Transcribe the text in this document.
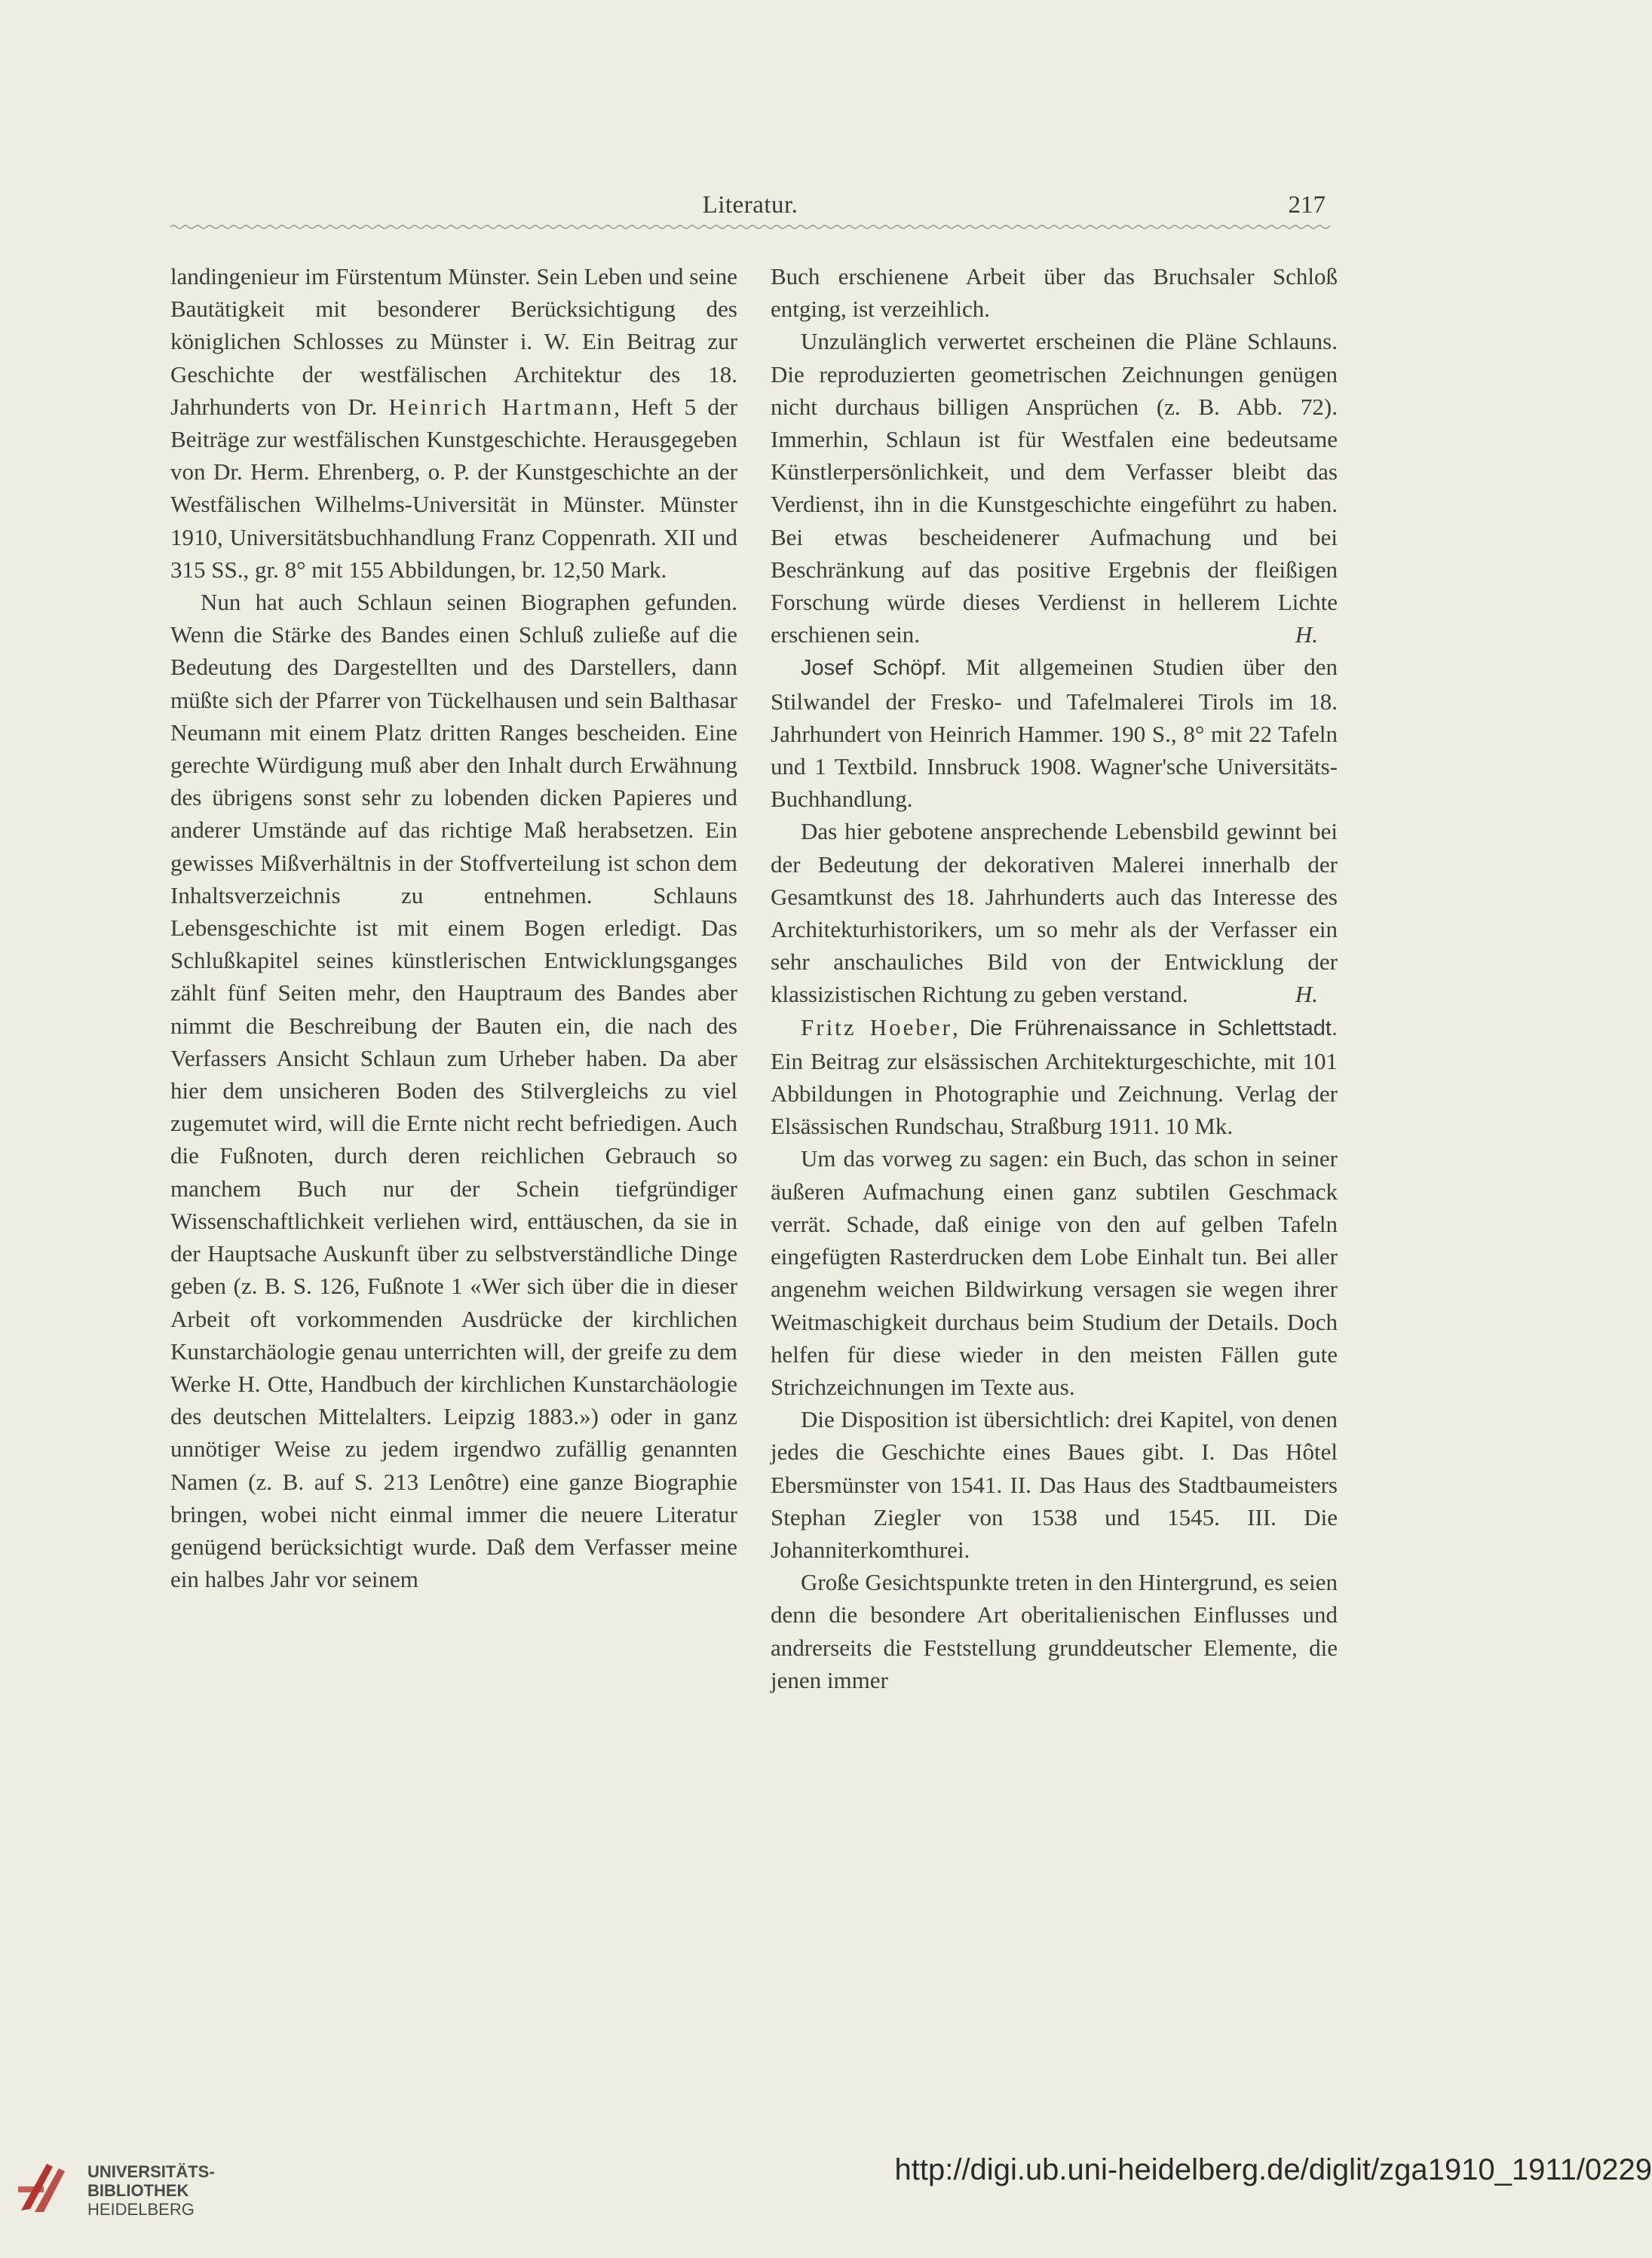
Literatur.	217

landingenieur im Fürstentum Münster. Sein Leben und seine Bautätigkeit mit besonderer Berücksichtigung des königlichen Schlosses zu Münster i. W. Ein Beitrag zur Geschichte der westfälischen Architektur des 18. Jahrhunderts von Dr. Heinrich Hartmann, Heft 5 der Beiträge zur westfälischen Kunstgeschichte. Herausgegeben von Dr. Herm. Ehrenberg, o. P. der Kunstgeschichte an der Westfälischen Wilhelms-Universität in Münster. Münster 1910, Universitätsbuchhandlung Franz Coppenrath. XII und 315 SS., gr. 8° mit 155 Abbildungen, br. 12,50 Mark.

Nun hat auch Schlaun seinen Biographen gefunden. Wenn die Stärke des Bandes einen Schluß zuließe auf die Bedeutung des Dargestellten und des Darstellers, dann müßte sich der Pfarrer von Tückelhausen und sein Balthasar Neumann mit einem Platz dritten Ranges bescheiden. Eine gerechte Würdigung muß aber den Inhalt durch Erwähnung des übrigens sonst sehr zu lobenden dicken Papieres und anderer Umstände auf das richtige Maß herabsetzen. Ein gewisses Mißverhältnis in der Stoffverteilung ist schon dem Inhaltsverzeichnis zu entnehmen. Schlauns Lebensgeschichte ist mit einem Bogen erledigt. Das Schlußkapitel seines künstlerischen Entwicklungsganges zählt fünf Seiten mehr, den Hauptraum des Bandes aber nimmt die Beschreibung der Bauten ein, die nach des Verfassers Ansicht Schlaun zum Urheber haben. Da aber hier dem unsicheren Boden des Stilvergleichs zu viel zugemutet wird, will die Ernte nicht recht befriedigen. Auch die Fußnoten, durch deren reichlichen Gebrauch so manchem Buch nur der Schein tiefgründiger Wissenschaftlichkeit verliehen wird, enttäuschen, da sie in der Hauptsache Auskunft über zu selbstverständliche Dinge geben (z. B. S. 126, Fußnote 1 «Wer sich über die in dieser Arbeit oft vorkommenden Ausdrücke der kirchlichen Kunstarchäologie genau unterrichten will, der greife zu dem Werke H. Otte, Handbuch der kirchlichen Kunstarchäologie des deutschen Mittelalters. Leipzig 1883.») oder in ganz unnötiger Weise zu jedem irgendwo zufällig genannten Namen (z. B. auf S. 213 Lenôtre) eine ganze Biographie bringen, wobei nicht einmal immer die neuere Literatur genügend berücksichtigt wurde. Daß dem Verfasser meine ein halbes Jahr vor seinem

Buch erschienene Arbeit über das Bruchsaler Schloß entging, ist verzeihlich.

Unzulänglich verwertet erscheinen die Pläne Schlauns. Die reproduzierten geometrischen Zeichnungen genügen nicht durchaus billigen Ansprüchen (z. B. Abb. 72). Immerhin, Schlaun ist für Westfalen eine bedeutsame Künstlerpersönlichkeit, und dem Verfasser bleibt das Verdienst, ihn in die Kunstgeschichte eingeführt zu haben. Bei etwas bescheidenerer Aufmachung und bei Beschränkung auf das positive Ergebnis der fleißigen Forschung würde dieses Verdienst in hellerem Lichte erschienen sein.	H.

Josef Schöpf. Mit allgemeinen Studien über den Stilwandel der Fresko- und Tafelmalerei Tirols im 18. Jahrhundert von Heinrich Hammer. 190 S., 8° mit 22 Tafeln und 1 Textbild. Innsbruck 1908. Wagner'sche Universitäts-Buchhandlung.

Das hier gebotene ansprechende Lebensbild gewinnt bei der Bedeutung der dekorativen Malerei innerhalb der Gesamtkunst des 18. Jahrhunderts auch das Interesse des Architekturhistorikers, um so mehr als der Verfasser ein sehr anschauliches Bild von der Entwicklung der klassizistischen Richtung zu geben verstand.	H.

Fritz Hoeber, Die Frührenaissance in Schlettstadt. Ein Beitrag zur elsässischen Architekturgeschichte, mit 101 Abbildungen in Photographie und Zeichnung. Verlag der Elsässischen Rundschau, Straßburg 1911. 10 Mk.

Um das vorweg zu sagen: ein Buch, das schon in seiner äußeren Aufmachung einen ganz subtilen Geschmack verrät. Schade, daß einige von den auf gelben Tafeln eingefügten Rasterdrucken dem Lobe Einhalt tun. Bei aller angenehm weichen Bildwirkung versagen sie wegen ihrer Weitmaschigkeit durchaus beim Studium der Details. Doch helfen für diese wieder in den meisten Fällen gute Strichzeichnungen im Texte aus.

Die Disposition ist übersichtlich: drei Kapitel, von denen jedes die Geschichte eines Baues gibt. I. Das Hôtel Ebersmünster von 1541. II. Das Haus des Stadtbaumeisters Stephan Ziegler von 1538 und 1545. III. Die Johanniterkomthurei.

Große Gesichtspunkte treten in den Hintergrund, es seien denn die besondere Art oberitalienischen Einflusses und andrerseits die Feststellung grunddeutscher Elemente, die jenen immer

UNIVERSITÄTS-
BIBLIOTHEK
HEIDELBERG
http://digi.ub.uni-heidelberg.de/diglit/zga1910_1911/0229
